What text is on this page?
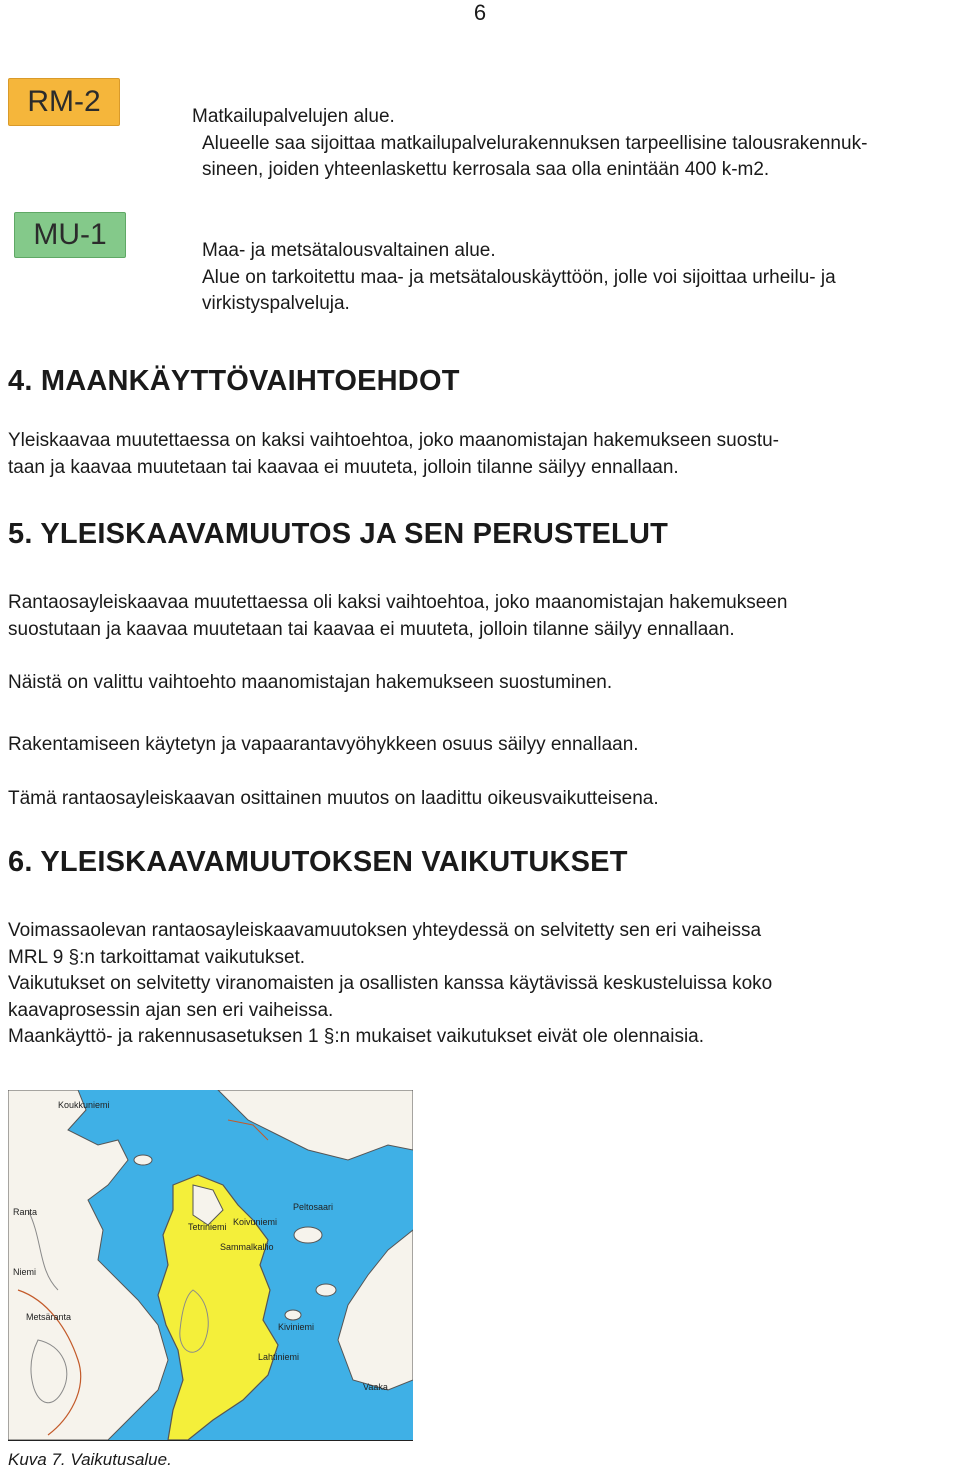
6
RM-2	Matkailupalvelujen alue.
Alueelle saa sijoittaa matkailupalvelurakennuksen tarpeellisine talousrakennuk-
sineen, joiden yhteenlaskettu kerrosala saa olla enintään 400 k-m2.
MU-1	Maa- ja metsätalousvaltainen alue.
Alue on tarkoitettu maa- ja metsätalouskäyttöön, jolle voi sijoittaa urheilu- ja
virkistyspalveluja.
4. MAANKÄYTTÖVAIHTOEHDOT
Yleiskaavaa muutettaessa on kaksi vaihtoehtoa, joko maanomistajan hakemukseen suostu-
taan ja kaavaa muutetaan tai kaavaa ei muuteta, jolloin tilanne säilyy ennallaan.
5. YLEISKAAVAMUUTOS JA SEN PERUSTELUT
Rantaosayleiskaavaa muutettaessa oli kaksi vaihtoehtoa, joko maanomistajan hakemukseen
suostutaan ja kaavaa muutetaan tai kaavaa ei muuteta, jolloin tilanne säilyy ennallaan.
Näistä on valittu vaihtoehto maanomistajan hakemukseen suostuminen.
Rakentamiseen käytetyn ja vapaarantavyöhykkeen osuus säilyy ennallaan.
Tämä rantaosayleiskaavan osittainen muutos on laadittu oikeusvaikutteisena.
6. YLEISKAAVAMUUTOKSEN VAIKUTUKSET
Voimassaolevan rantaosayleiskaavamuutoksen yhteydessä on selvitetty sen eri vaiheissa
MRL 9 §:n tarkoittamat vaikutukset.
Vaikutukset on selvitetty viranomaisten ja osallisten kanssa käytävissä keskusteluissa koko
kaavaprosessin ajan sen eri vaiheissa.
Maankäyttö- ja rakennusasetuksen 1 §:n mukaiset vaikutukset eivät ole olennaisia.
Koukkuniemi
Tetriniemi Koivuniemi
Sammalkallio
Kiviniemi
Metsäranta
Peltosaari
Lahtiniemi
Vaaka
Ranta
Niemi
Kuva 7. Vaikutusalue.
